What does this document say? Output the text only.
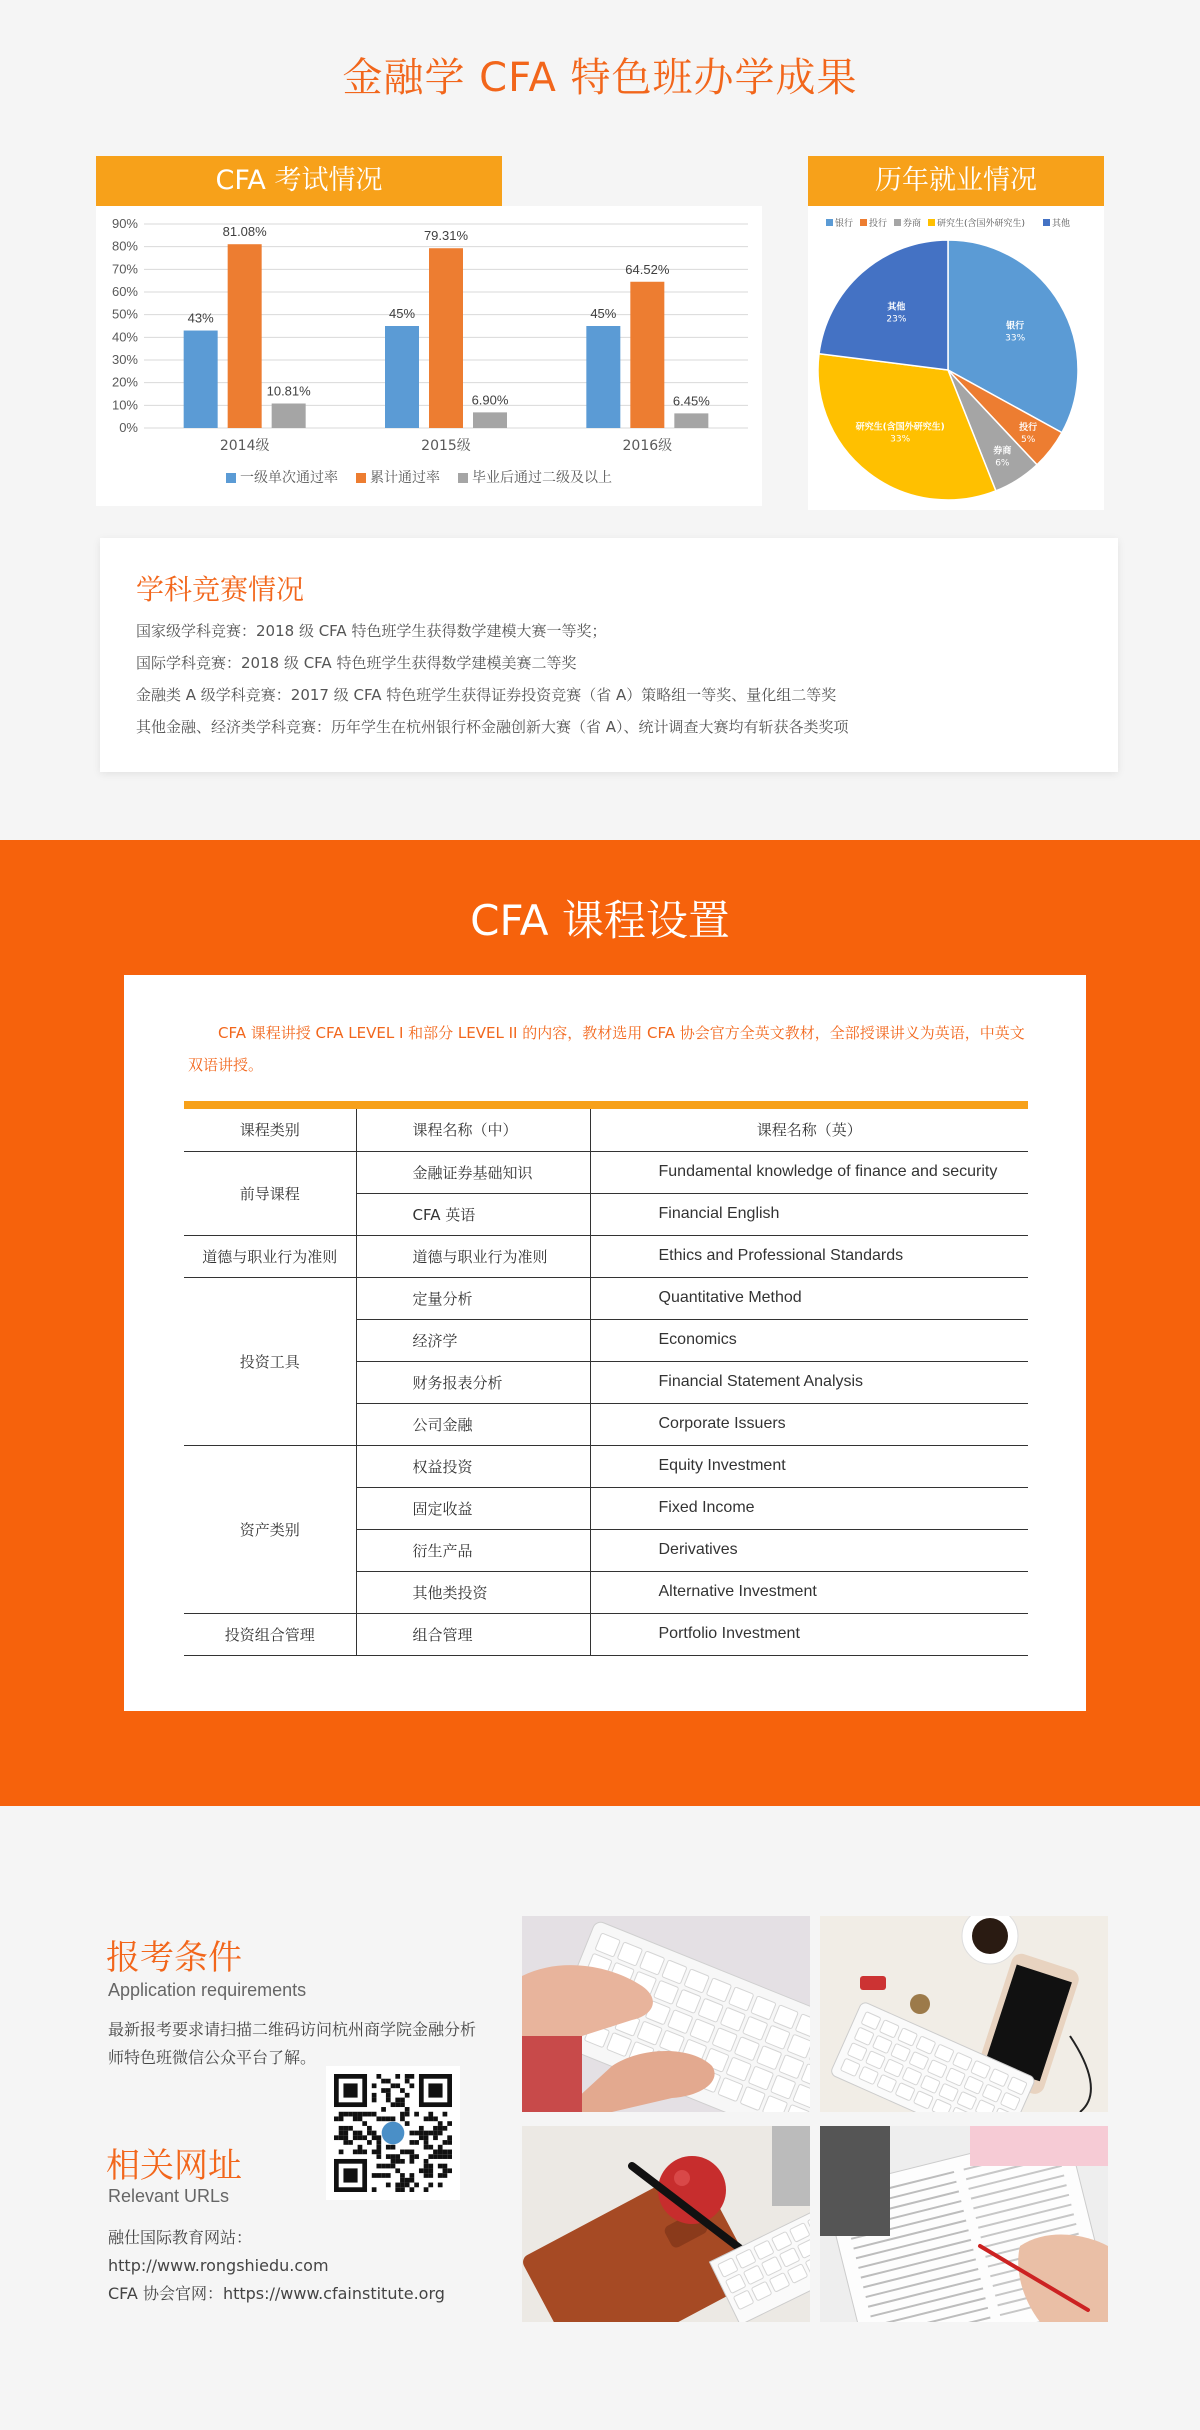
金融学 CFA 特色班办学成果
CFA 考试情况	历年就业情况
90%
80%
70%
60%
50%
40%
30%
20%
10%
0%
43%
81.08%
10.81%
2014级
45%
79.31%
6.90%
2015级
45%
64.52%
6.45%
2016级
一级单次通过率 累计通过率 毕业后通过二级及以上
银行 投行 券商 研究生(含国外研究生)	其他
银行
33%
投行
5%
券商
6%
研究生(含国外研究生)
33%
其他
23%
学科竞赛情况
国家级学科竞赛：2018 级 CFA 特色班学生获得数学建模大赛一等奖；
国际学科竞赛：2018 级 CFA 特色班学生获得数学建模美赛二等奖
金融类 A 级学科竞赛：2017 级 CFA 特色班学生获得证券投资竞赛（省 A）策略组一等奖、量化组二等奖
其他金融、经济类学科竞赛：历年学生在杭州银行杯金融创新大赛（省 A）、统计调查大赛均有斩获各类奖项
CFA 课程设置
CFA 课程讲授 CFA LEVEL I 和部分 LEVEL II 的内容，教材选用 CFA 协会官方全英文教材，全部授课讲义为英语，中英文双语讲授。
课程类别	课程名称（中）	课程名称（英）
前导课程	金融证券基础知识	Fundamental knowledge of finance and security
	CFA 英语	Financial English
道德与职业行为准则	道德与职业行为准则	Ethics and Professional Standards
投资工具	定量分析	Quantitative Method
	经济学	Economics
	财务报表分析	Financial Statement Analysis
	公司金融	Corporate Issuers
资产类别	权益投资	Equity Investment
	固定收益	Fixed Income
	衍生产品	Derivatives
	其他类投资	Alternative Investment
投资组合管理	组合管理	Portfolio Investment
报考条件
Application requirements
最新报考要求请扫描二维码访问杭州商学院金融分析师特色班微信公众平台了解。
相关网址
Relevant URLs
融仕国际教育网站：
http://www.rongshiedu.com
CFA 协会官网：https://www.cfainstitute.org
